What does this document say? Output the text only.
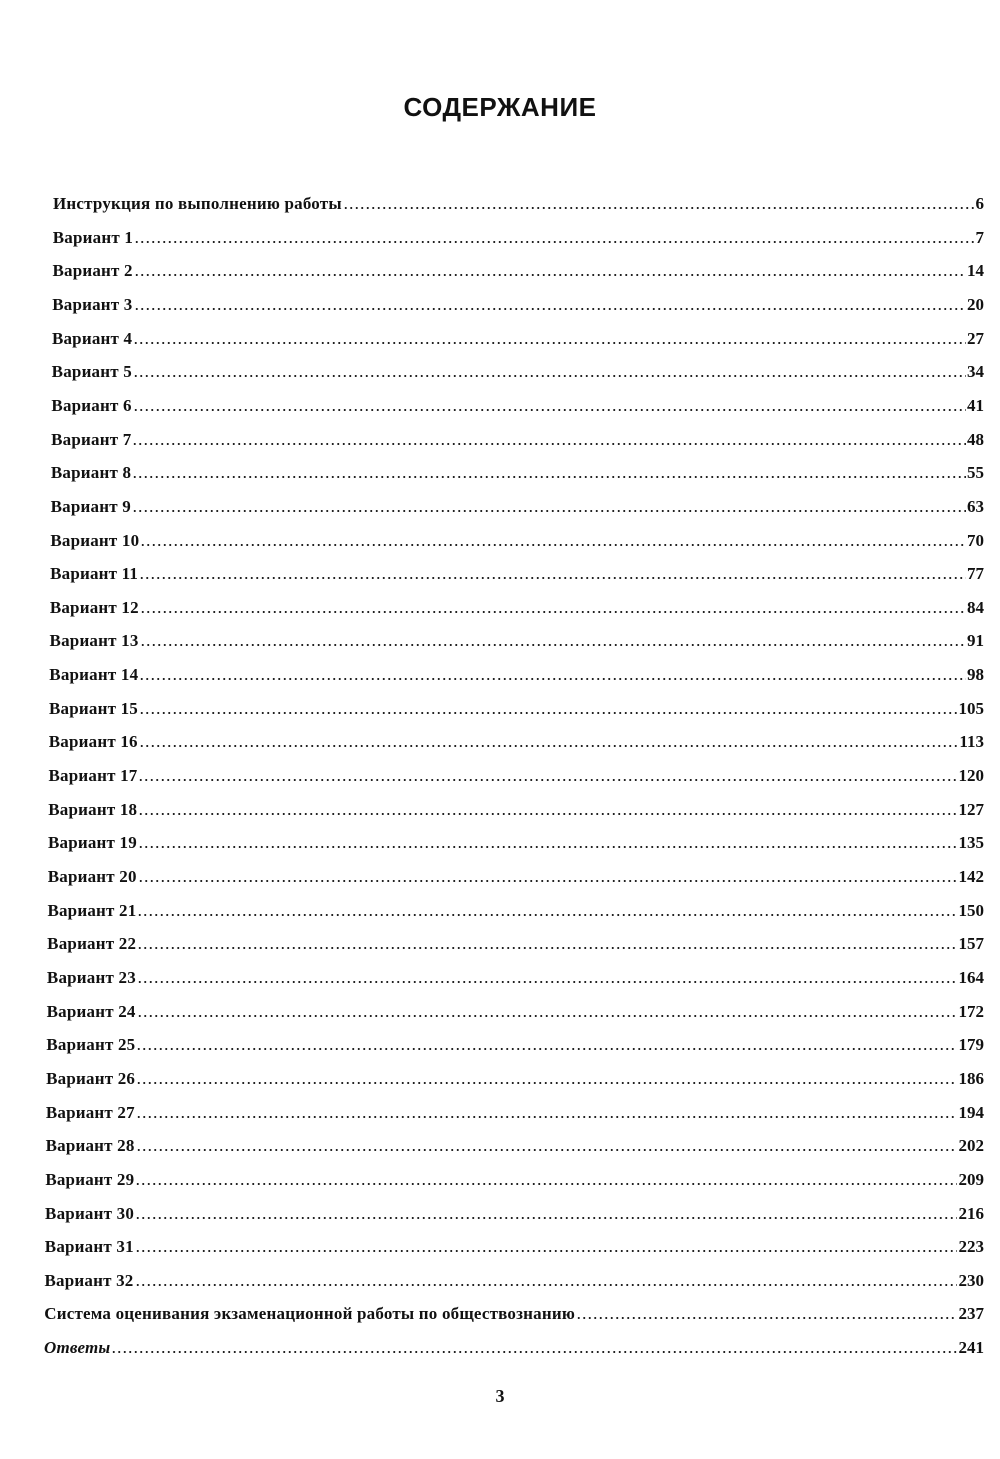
СОДЕРЖАНИЕ
Инструкция по выполнению работы	6
Вариант 1	7
Вариант 2	14
Вариант 3	20
Вариант 4	27
Вариант 5	34
Вариант 6	41
Вариант 7	48
Вариант 8	55
Вариант 9	63
Вариант 10	70
Вариант 11	77
Вариант 12	84
Вариант 13	91
Вариант 14	98
Вариант 15	105
Вариант 16	113
Вариант 17	120
Вариант 18	127
Вариант 19	135
Вариант 20	142
Вариант 21	150
Вариант 22	157
Вариант 23	164
Вариант 24	172
Вариант 25	179
Вариант 26	186
Вариант 27	194
Вариант 28	202
Вариант 29	209
Вариант 30	216
Вариант 31	223
Вариант 32	230
Система оценивания экзаменационной работы по обществознанию	237
Ответы	241
3
